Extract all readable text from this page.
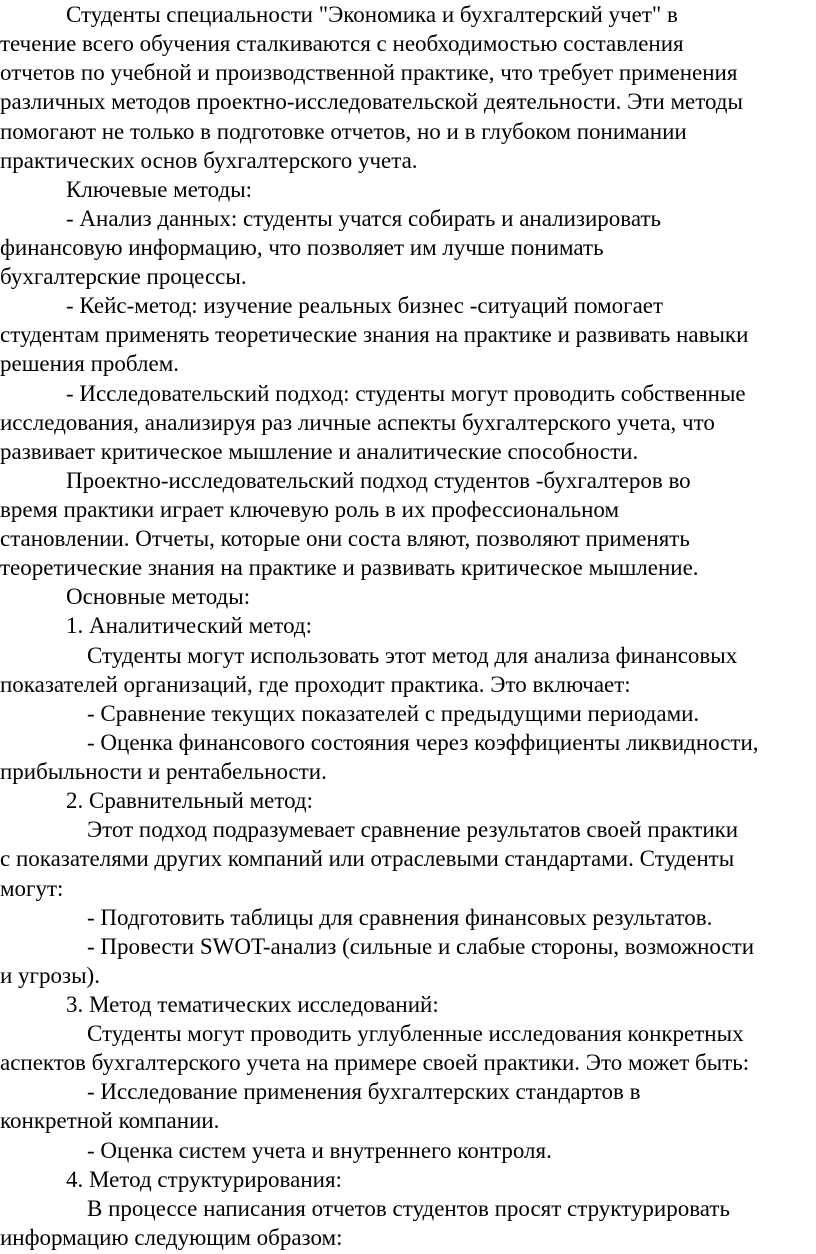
Студенты специальности "Экономика и бухгалтерский учет" в

течение всего обучения сталкиваются с необходимостью составления

отчетов по учебной и производственной практике, что требует применения

различных методов проектно-исследовательской деятельности. Эти методы

помогают не только в подготовке отчетов, но и в глубоком понимании

практических основ бухгалтерского учета.

Ключевые методы:

- Анализ данных: студенты учатся собирать и анализировать

финансовую информацию, что позволяет им лучше понимать

бухгалтерские процессы.

- Кейс-метод: изучение реальных бизнес -ситуаций помогает

студентам применять теоретические знания на практике и развивать навыки

решения проблем.

- Исследовательский подход: студенты могут проводить собственные

исследования, анализируя раз личные аспекты бухгалтерского учета, что

развивает критическое мышление и аналитические способности.

Проектно-исследовательский подход студентов -бухгалтеров во

время практики играет ключевую роль в их профессиональном

становлении. Отчеты, которые они соста вляют, позволяют применять

теоретические знания на практике и развивать критическое мышление.

Основные методы:

1. Аналитический метод:

Студенты могут использовать этот метод для анализа финансовых

показателей организаций, где проходит практика. Это включает:

- Сравнение текущих показателей с предыдущими периодами.

- Оценка финансового состояния через коэффициенты ликвидности,

прибыльности и рентабельности.

2. Сравнительный метод:

Этот подход подразумевает сравнение результатов своей практики

с показателями других компаний или отраслевыми стандартами. Студенты

могут:

- Подготовить таблицы для сравнения финансовых результатов.

- Провести SWOT-анализ (сильные и слабые стороны, возможности

и угрозы).

3. Метод тематических исследований:

Студенты могут проводить углубленные исследования конкретных

аспектов бухгалтерского учета на примере своей практики. Это может быть:

- Исследование применения бухгалтерских стандартов в

конкретной компании.

- Оценка систем учета и внутреннего контроля.

4. Метод структурирования:

В процессе написания отчетов студентов просят структурировать

информацию следующим образом:
